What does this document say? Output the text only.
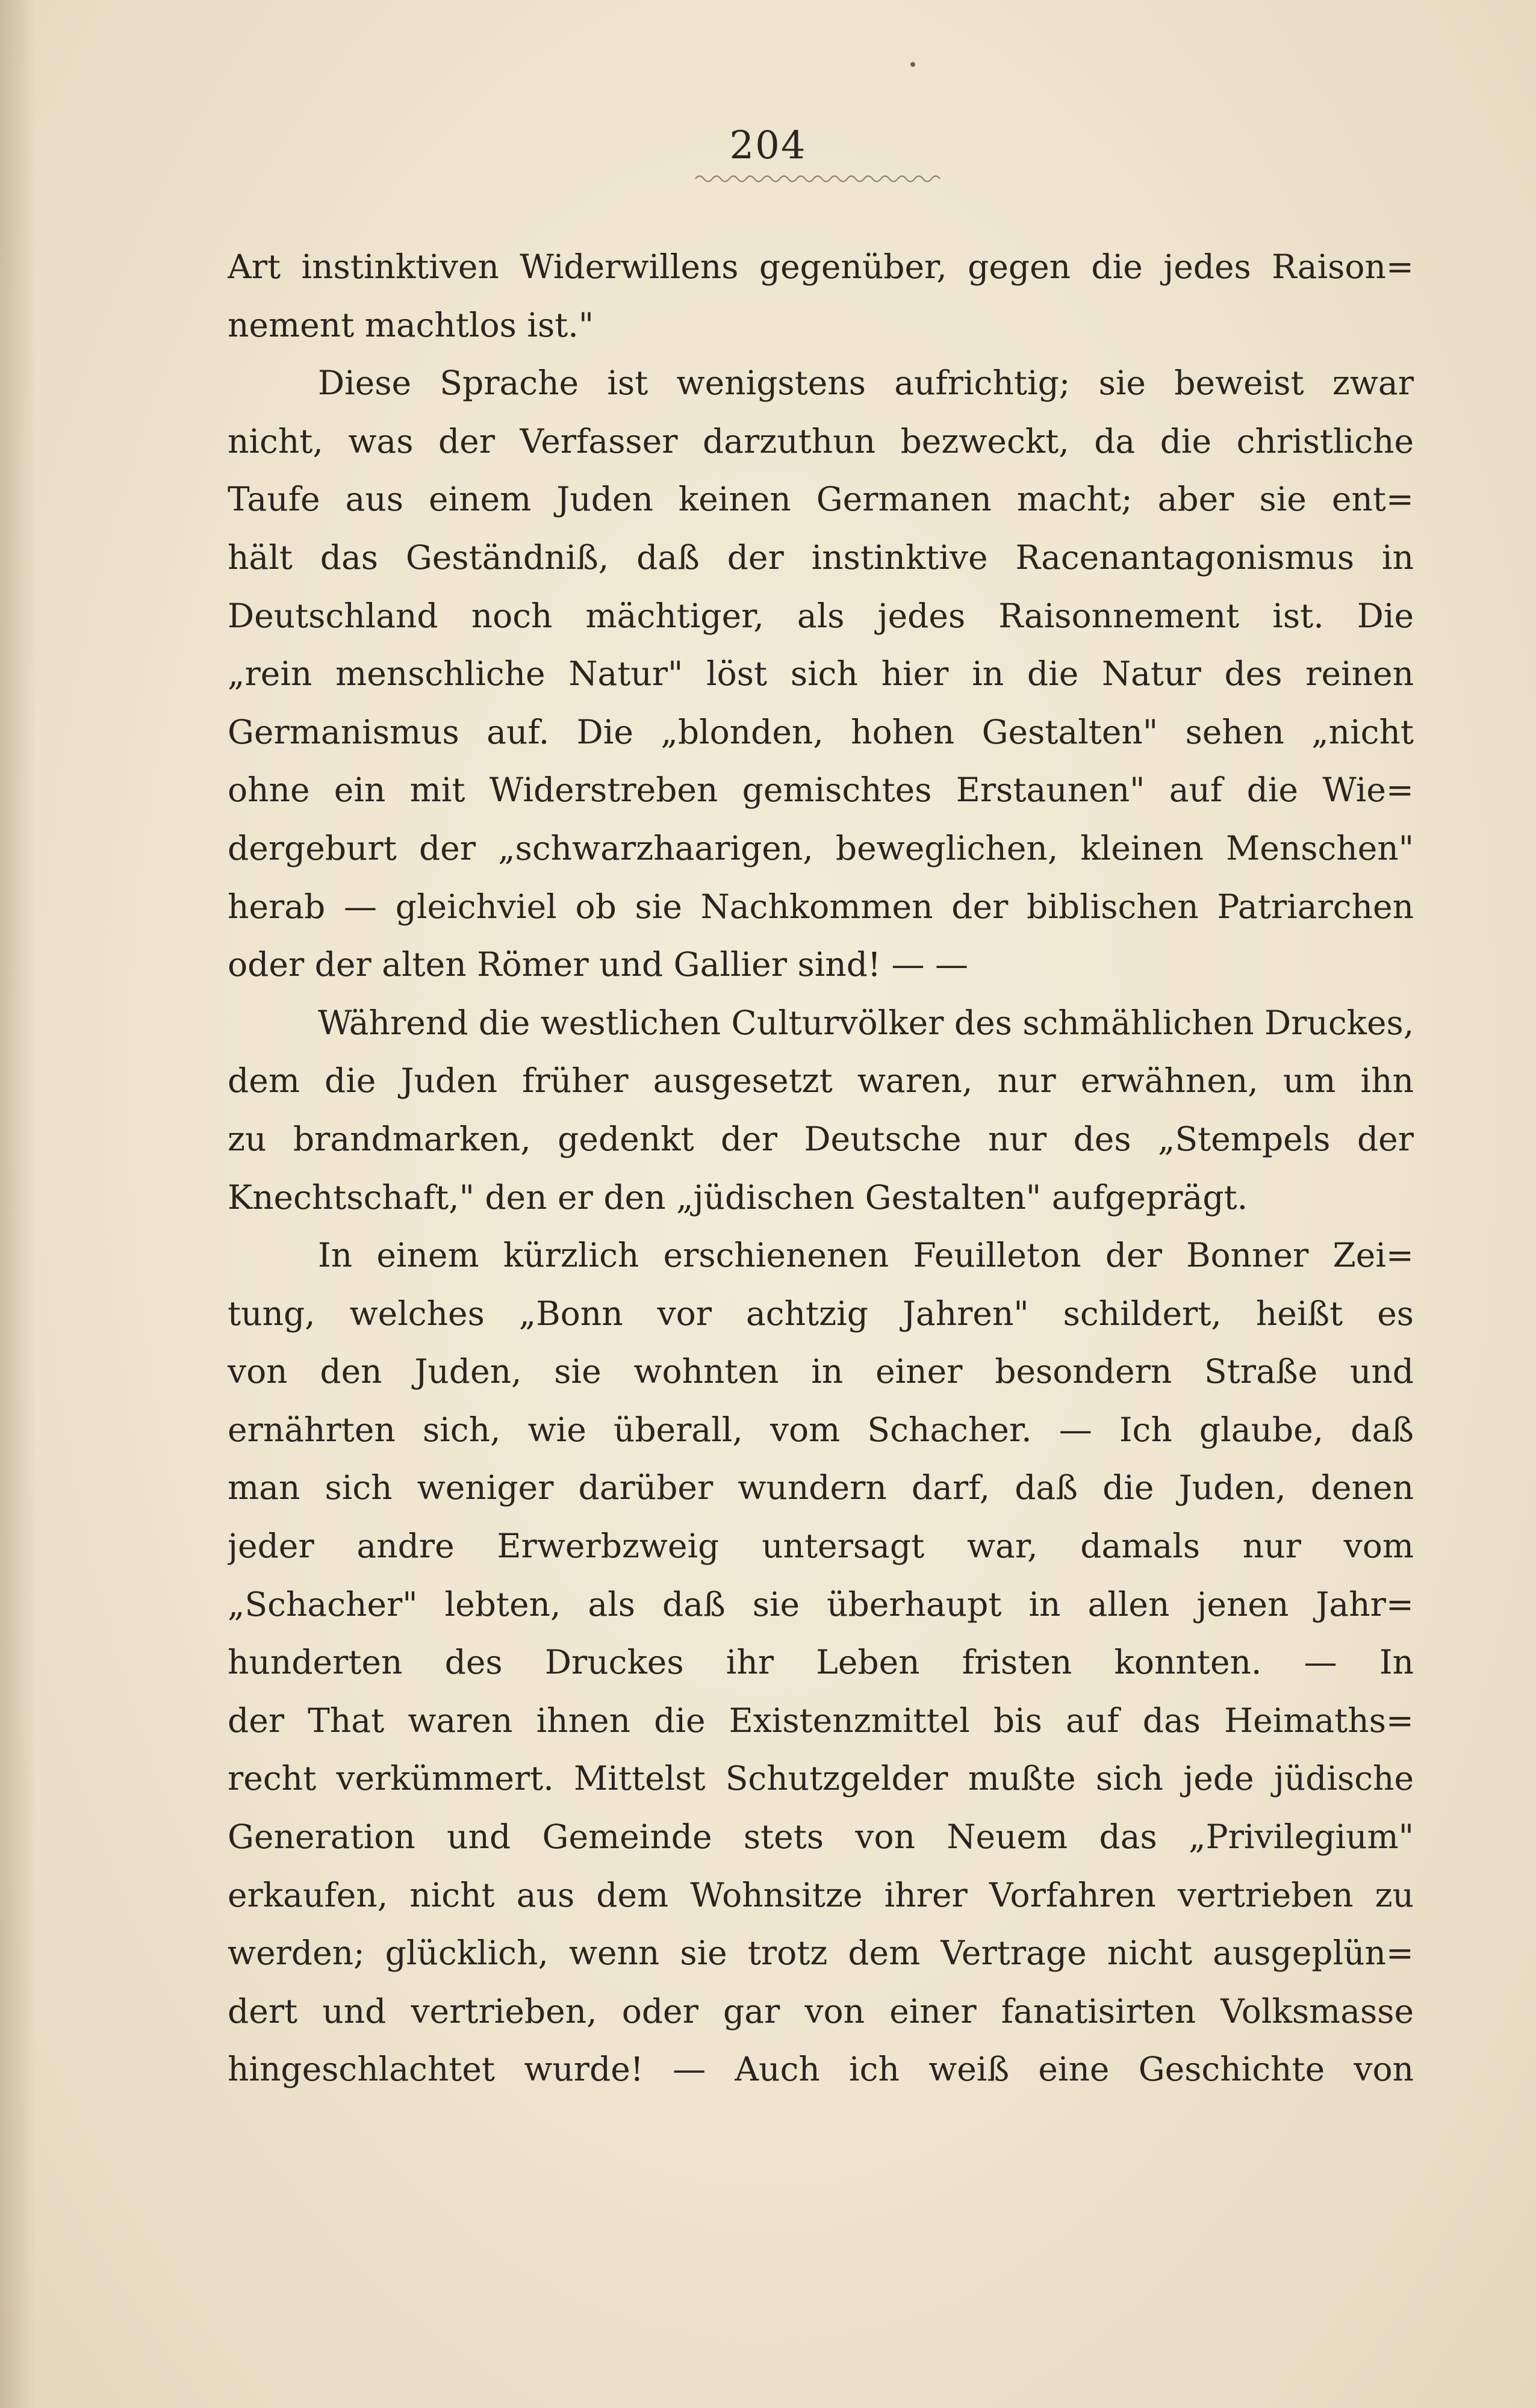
204
Art instinktiven Widerwillens gegenüber, gegen die jedes Raison=
nement machtlos ist."
Diese Sprache ist wenigstens aufrichtig; sie beweist zwar
nicht, was der Verfasser darzuthun bezweckt, da die christliche
Taufe aus einem Juden keinen Germanen macht; aber sie ent=
hält das Geständniß, daß der instinktive Racenantagonismus in
Deutschland noch mächtiger, als jedes Raisonnement ist. Die
„rein menschliche Natur" löst sich hier in die Natur des reinen
Germanismus auf. Die „blonden, hohen Gestalten" sehen „nicht
ohne ein mit Widerstreben gemischtes Erstaunen" auf die Wie=
dergeburt der „schwarzhaarigen, beweglichen, kleinen Menschen"
herab — gleichviel ob sie Nachkommen der biblischen Patriarchen
oder der alten Römer und Gallier sind! — —
Während die westlichen Culturvölker des schmählichen Druckes,
dem die Juden früher ausgesetzt waren, nur erwähnen, um ihn
zu brandmarken, gedenkt der Deutsche nur des „Stempels der
Knechtschaft," den er den „jüdischen Gestalten" aufgeprägt.
In einem kürzlich erschienenen Feuilleton der Bonner Zei=
tung, welches „Bonn vor achtzig Jahren" schildert, heißt es
von den Juden, sie wohnten in einer besondern Straße und
ernährten sich, wie überall, vom Schacher. — Ich glaube, daß
man sich weniger darüber wundern darf, daß die Juden, denen
jeder andre Erwerbzweig untersagt war, damals nur vom
„Schacher" lebten, als daß sie überhaupt in allen jenen Jahr=
hunderten des Druckes ihr Leben fristen konnten. — In
der That waren ihnen die Existenzmittel bis auf das Heimaths=
recht verkümmert. Mittelst Schutzgelder mußte sich jede jüdische
Generation und Gemeinde stets von Neuem das „Privilegium"
erkaufen, nicht aus dem Wohnsitze ihrer Vorfahren vertrieben zu
werden; glücklich, wenn sie trotz dem Vertrage nicht ausgeplün=
dert und vertrieben, oder gar von einer fanatisirten Volksmasse
hingeschlachtet wurde! — Auch ich weiß eine Geschichte von
